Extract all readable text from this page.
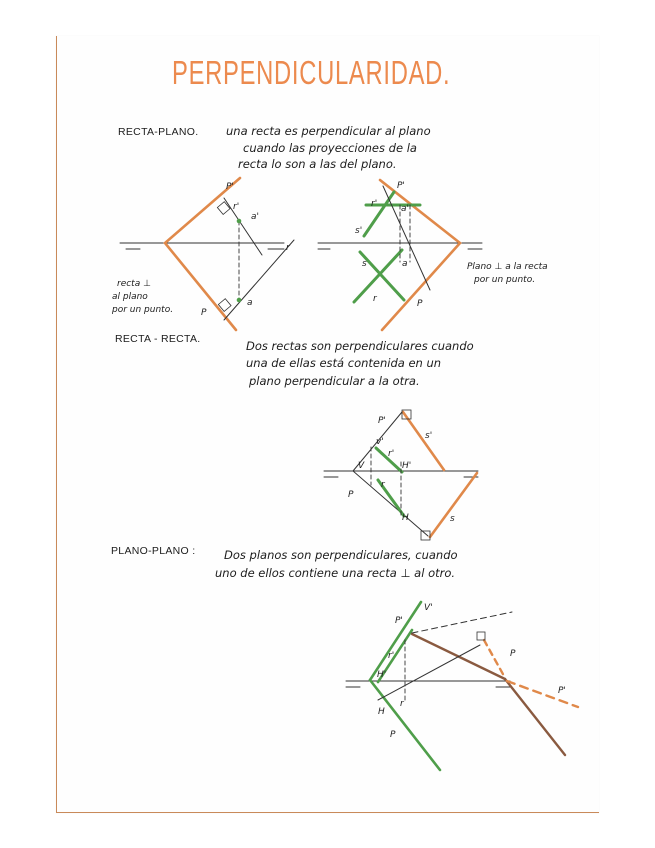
PERPENDICULARIDAD.
RECTA-PLANO. una recta es perpendicular al plano
cuando las proyecciones de la
recta lo son a las del plano.
recta ⊥
al plano
por un punto.
Plano ⊥ a la recta
por un punto.
RECTA - RECTA.	Dos rectas son perpendiculares cuando
una de ellas está contenida en un
plano perpendicular a la otra.
PLANO-PLANO : Dos planos son perpendiculares, cuando
uno de ellos contiene una recta ⊥ al otro.
P'
r'
a'
r
a
P
P'
r'	a'
s'
s	a
r	P
P'
v'
r'
H'
s'
V
P
r
H	s
P'
V'
r'
H'
H
r
P
P
P'
